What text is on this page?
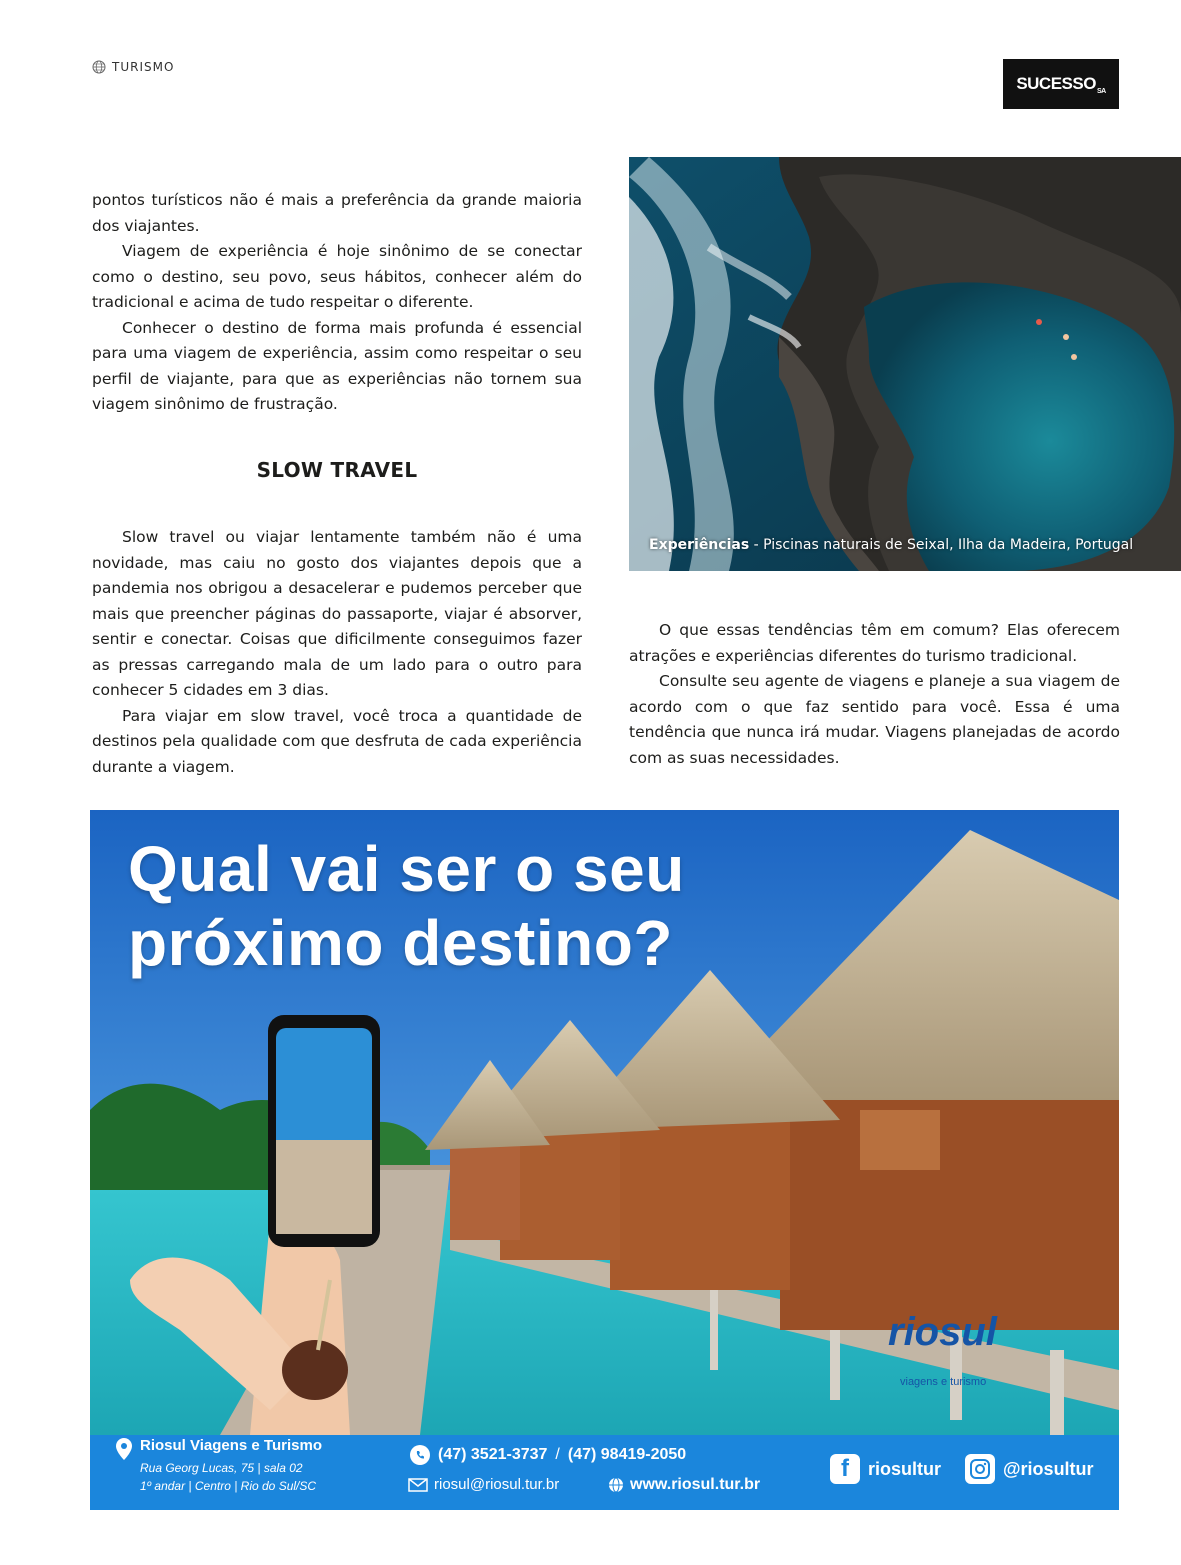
TURISMO
SUCESSO SA

pontos turísticos não é mais a preferência da grande maioria dos viajantes.

Viagem de experiência é hoje sinônimo de se conectar como o destino, seu povo, seus hábitos, conhecer além do tradicional e acima de tudo respeitar o diferente.

Conhecer o destino de forma mais profunda é essencial para uma viagem de experiência, assim como respeitar o seu perfil de viajante, para que as experiências não tornem sua viagem sinônimo de frustração.

SLOW TRAVEL

Slow travel ou viajar lentamente também não é uma novidade, mas caiu no gosto dos viajantes depois que a pandemia nos obrigou a desacelerar e pudemos perceber que mais que preencher páginas do passaporte, viajar é absorver, sentir e conectar. Coisas que dificilmente conseguimos fazer as pressas carregando mala de um lado para o outro para conhecer 5 cidades em 3 dias.

Para viajar em slow travel, você troca a quantidade de destinos pela qualidade com que desfruta de cada experiência durante a viagem.

Experiências - Piscinas naturais de Seixal, Ilha da Madeira, Portugal

O que essas tendências têm em comum? Elas oferecem atrações e experiências diferentes do turismo tradicional.

Consulte seu agente de viagens e planeje a sua viagem de acordo com o que faz sentido para você. Essa é uma tendência que nunca irá mudar. Viagens planejadas de acordo com as suas necessidades.

Qual vai ser o seu
próximo destino?
riosul
viagens e turismo
Riosul Viagens e Turismo
Rua Georg Lucas, 75 | sala 02
1º andar | Centro | Rio do Sul/SC
(47) 3521-3737 / (47) 98419-2050
riosul@riosul.tur.br	www.riosul.tur.br
f	riosultur	@riosultur
